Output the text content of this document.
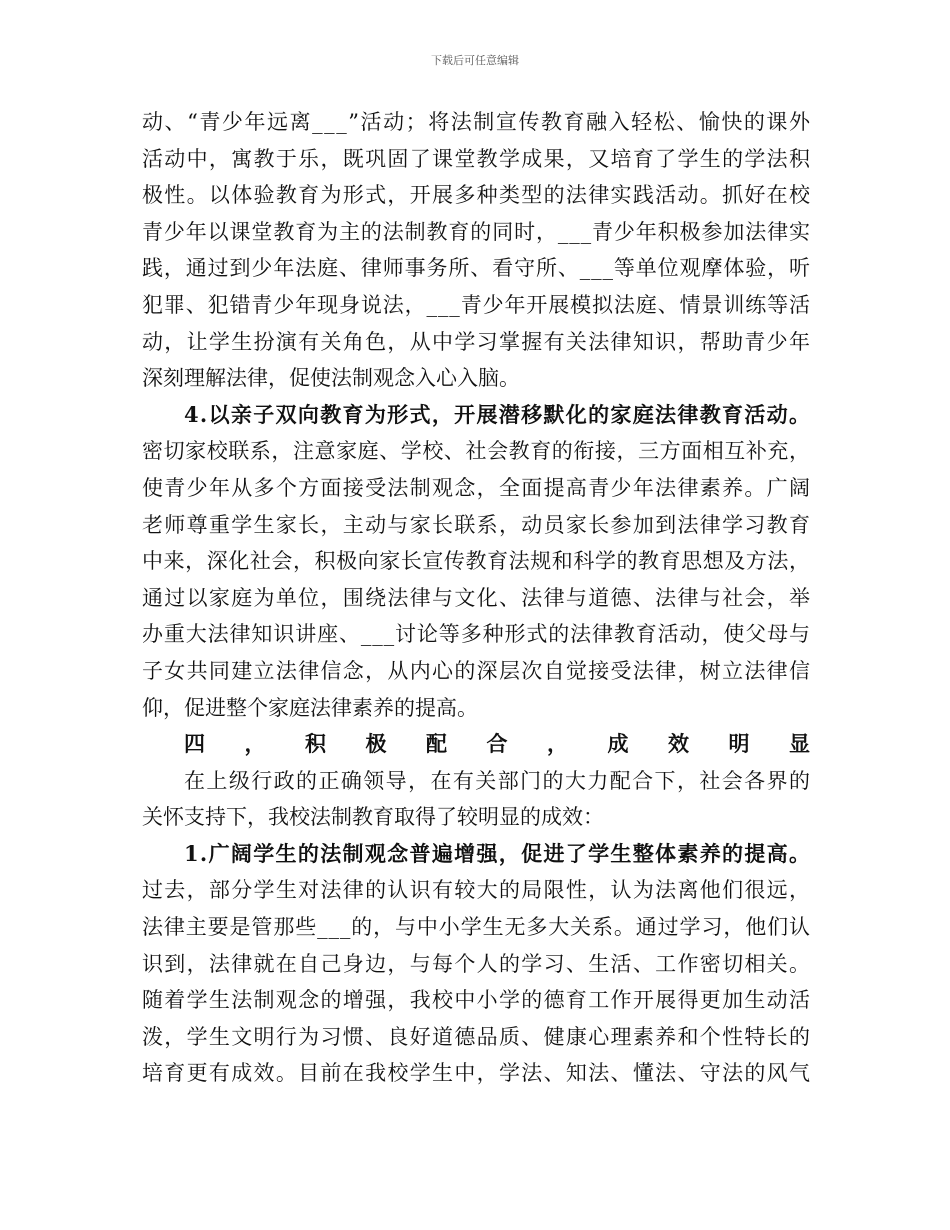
下载后可任意编辑
动、“青少年远离___”活动；将法制宣传教育融入轻松、愉快的课外
活动中，寓教于乐，既巩固了课堂教学成果，又培育了学生的学法积
极性。以体验教育为形式，开展多种类型的法律实践活动。抓好在校
青少年以课堂教育为主的法制教育的同时，___青少年积极参加法律实
践，通过到少年法庭、律师事务所、看守所、___等单位观摩体验，听
犯罪、犯错青少年现身说法，___青少年开展模拟法庭、情景训练等活
动，让学生扮演有关角色，从中学习掌握有关法律知识，帮助青少年
深刻理解法律，促使法制观念入心入脑。
4.以亲子双向教育为形式，开展潜移默化的家庭法律教育活动。
密切家校联系，注意家庭、学校、社会教育的衔接，三方面相互补充，
使青少年从多个方面接受法制观念，全面提高青少年法律素养。广阔
老师尊重学生家长，主动与家长联系，动员家长参加到法律学习教育
中来，深化社会，积极向家长宣传教育法规和科学的教育思想及方法，
通过以家庭为单位，围绕法律与文化、法律与道德、法律与社会，举
办重大法律知识讲座、___讨论等多种形式的法律教育活动，使父母与
子女共同建立法律信念，从内心的深层次自觉接受法律，树立法律信
仰，促进整个家庭法律素养的提高。
四，积极配合，成效明显
在上级行政的正确领导，在有关部门的大力配合下，社会各界的
关怀支持下，我校法制教育取得了较明显的成效：
1.广阔学生的法制观念普遍增强，促进了学生整体素养的提高。
过去，部分学生对法律的认识有较大的局限性，认为法离他们很远，
法律主要是管那些___的，与中小学生无多大关系。通过学习，他们认
识到，法律就在自己身边，与每个人的学习、生活、工作密切相关。
随着学生法制观念的增强，我校中小学的德育工作开展得更加生动活
泼，学生文明行为习惯、良好道德品质、健康心理素养和个性特长的
培育更有成效。目前在我校学生中，学法、知法、懂法、守法的风气
